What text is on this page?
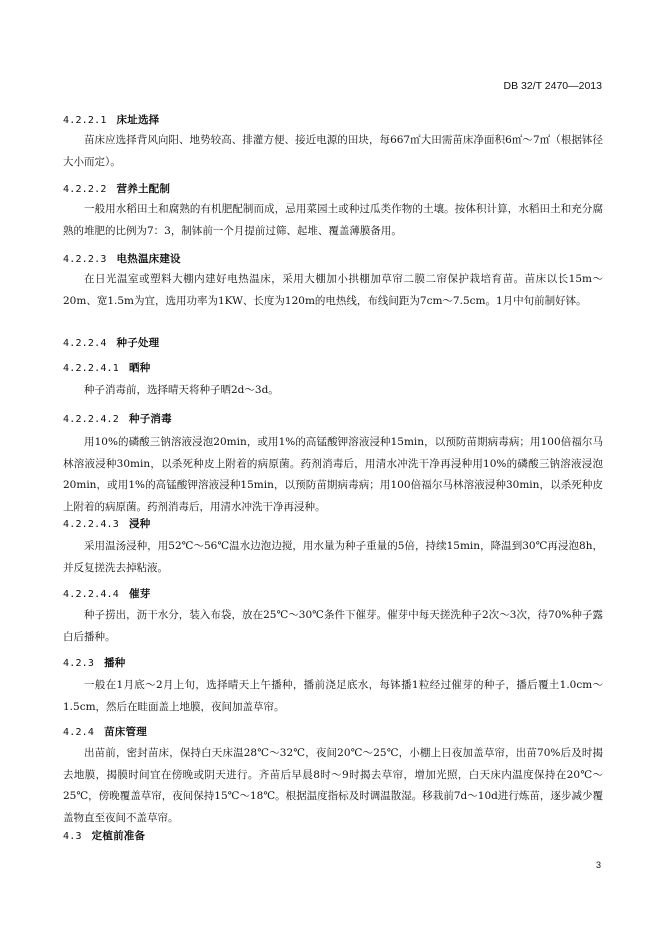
DB 32/T 2470—2013
4.2.2.1 床址选择
苗床应选择背风向阳、地势较高、排灌方便、接近电源的田块，每667㎡大田需苗床净面积6㎡～7㎡（根据钵径大小而定）。
4.2.2.2 营养土配制
一般用水稻田土和腐熟的有机肥配制而成，忌用菜园土或种过瓜类作物的土壤。按体积计算，水稻田土和充分腐熟的堆肥的比例为7：3，制钵前一个月提前过筛、起堆、覆盖薄膜备用。
4.2.2.3 电热温床建设
在日光温室或塑料大棚内建好电热温床，采用大棚加小拱棚加草帘二膜二帘保护栽培育苗。苗床以长15m～20m、宽1.5m为宜，选用功率为1KW、长度为120m的电热线，布线间距为7cm～7.5cm。1月中旬前制好钵。
4.2.2.4 种子处理
4.2.2.4.1 晒种
种子消毒前，选择晴天将种子晒2d～3d。
4.2.2.4.2 种子消毒
用10%的磷酸三钠溶液浸泡20min，或用1%的高锰酸钾溶液浸种15min，以预防苗期病毒病；用100倍福尔马林溶液浸种30min，以杀死种皮上附着的病原菌。药剂消毒后，用清水冲洗干净再浸种用10%的磷酸三钠溶液浸泡20min，或用1%的高锰酸钾溶液浸种15min，以预防苗期病毒病；用100倍福尔马林溶液浸种30min，以杀死种皮上附着的病原菌。药剂消毒后，用清水冲洗干净再浸种。
4.2.2.4.3 浸种
采用温汤浸种，用52℃～56℃温水边泡边搅，用水量为种子重量的5倍，持续15min，降温到30℃再浸泡8h，并反复搓洗去掉粘液。
4.2.2.4.4 催芽
种子捞出，沥干水分，装入布袋，放在25℃～30℃条件下催芽。催芽中每天搓洗种子2次～3次，待70%种子露白后播种。
4.2.3 播种
一般在1月底～2月上旬，选择晴天上午播种，播前浇足底水，每钵播1粒经过催芽的种子，播后覆土1.0cm～1.5cm，然后在畦面盖上地膜，夜间加盖草帘。
4.2.4 苗床管理
出苗前，密封苗床，保持白天床温28℃～32℃，夜间20℃～25℃，小棚上日夜加盖草帘，出苗70%后及时揭去地膜，揭膜时间宜在傍晚或阴天进行。齐苗后早晨8时～9时揭去草帘，增加光照，白天床内温度保持在20℃～25℃，傍晚覆盖草帘，夜间保持15℃～18℃。根据温度指标及时调温散湿。移栽前7d～10d进行炼苗，逐步减少覆盖物直至夜间不盖草帘。
4.3 定植前准备
3
